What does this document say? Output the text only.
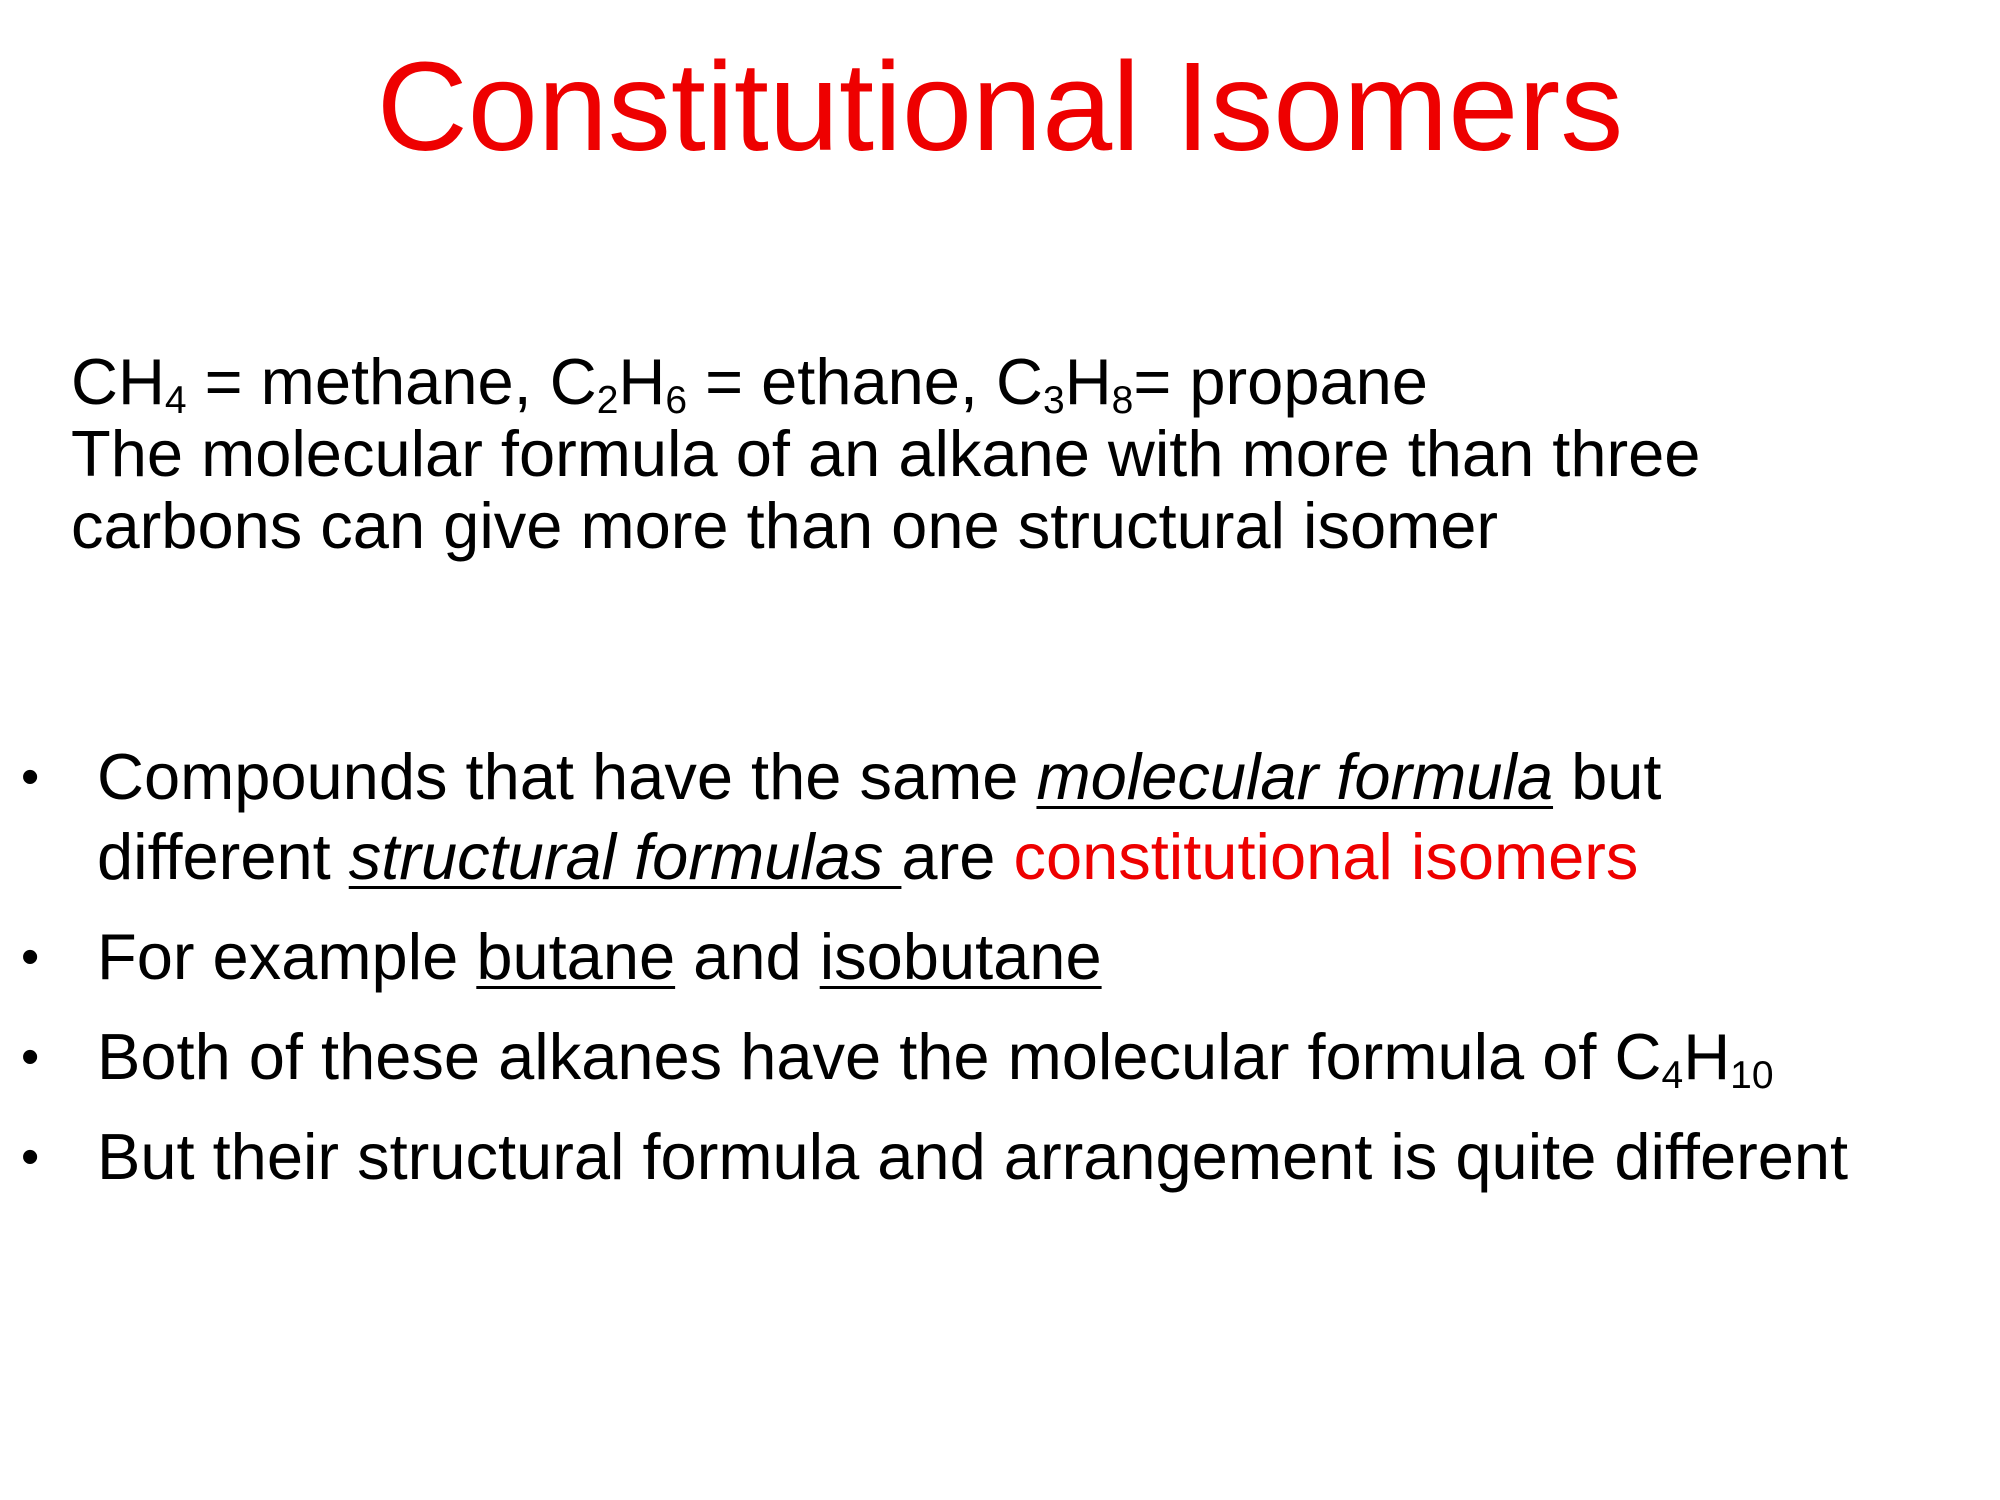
Constitutional Isomers
$CH_4$ = methane, $C_2H_6$ = ethane, $C_3H_8=$ propane
The molecular formula of an alkane with more than three
carbons can give more than one structural isomer
• Compounds that have the same molecular formula but
different structural formulas are constitutional isomers
• For example butane and isobutane
• Both of these alkanes have the molecular formula of $C_4H_{10}$
• But their structural formula and arrangement is quite different
